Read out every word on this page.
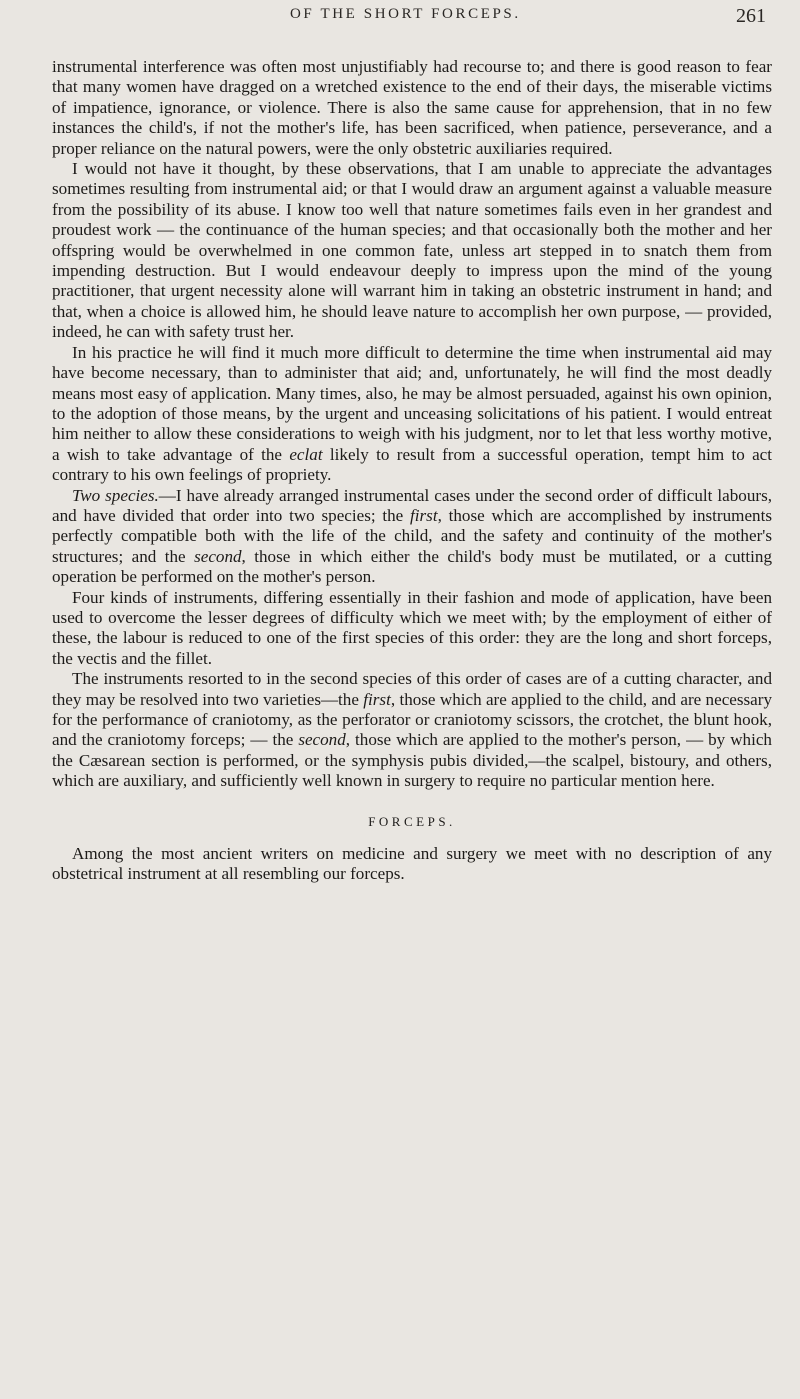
OF THE SHORT FORCEPS.	261

instrumental interference was often most unjustifiably had recourse to; and there is good reason to fear that many women have dragged on a wretched existence to the end of their days, the miserable victims of impatience, ignorance, or violence. There is also the same cause for apprehension, that in no few instances the child's, if not the mother's life, has been sacrificed, when patience, perseverance, and a proper reliance on the natural powers, were the only obstetric auxiliaries required.

I would not have it thought, by these observations, that I am unable to appreciate the advantages sometimes resulting from instrumental aid; or that I would draw an argument against a valuable measure from the possibility of its abuse. I know too well that nature sometimes fails even in her grandest and proudest work — the continuance of the human species; and that occasionally both the mother and her offspring would be overwhelmed in one common fate, unless art stepped in to snatch them from impending destruction. But I would endeavour deeply to impress upon the mind of the young practitioner, that urgent necessity alone will warrant him in taking an obstetric instrument in hand; and that, when a choice is allowed him, he should leave nature to accomplish her own purpose, — provided, indeed, he can with safety trust her.

In his practice he will find it much more difficult to determine the time when instrumental aid may have become necessary, than to administer that aid; and, unfortunately, he will find the most deadly means most easy of application. Many times, also, he may be almost persuaded, against his own opinion, to the adoption of those means, by the urgent and unceasing solicitations of his patient. I would entreat him neither to allow these considerations to weigh with his judgment, nor to let that less worthy motive, a wish to take advantage of the eclat likely to result from a successful operation, tempt him to act contrary to his own feelings of propriety.

Two species.—I have already arranged instrumental cases under the second order of difficult labours, and have divided that order into two species; the first, those which are accomplished by instruments perfectly compatible both with the life of the child, and the safety and continuity of the mother's structures; and the second, those in which either the child's body must be mutilated, or a cutting operation be performed on the mother's person.

Four kinds of instruments, differing essentially in their fashion and mode of application, have been used to overcome the lesser degrees of difficulty which we meet with; by the employment of either of these, the labour is reduced to one of the first species of this order: they are the long and short forceps, the vectis and the fillet.

The instruments resorted to in the second species of this order of cases are of a cutting character, and they may be resolved into two varieties—the first, those which are applied to the child, and are necessary for the performance of craniotomy, as the perforator or craniotomy scissors, the crotchet, the blunt hook, and the craniotomy forceps; — the second, those which are applied to the mother's person, — by which the Cæsarean section is performed, or the symphysis pubis divided,—the scalpel, bistoury, and others, which are auxiliary, and sufficiently well known in surgery to require no particular mention here.

FORCEPS.

Among the most ancient writers on medicine and surgery we meet with no description of any obstetrical instrument at all resembling our forceps.
